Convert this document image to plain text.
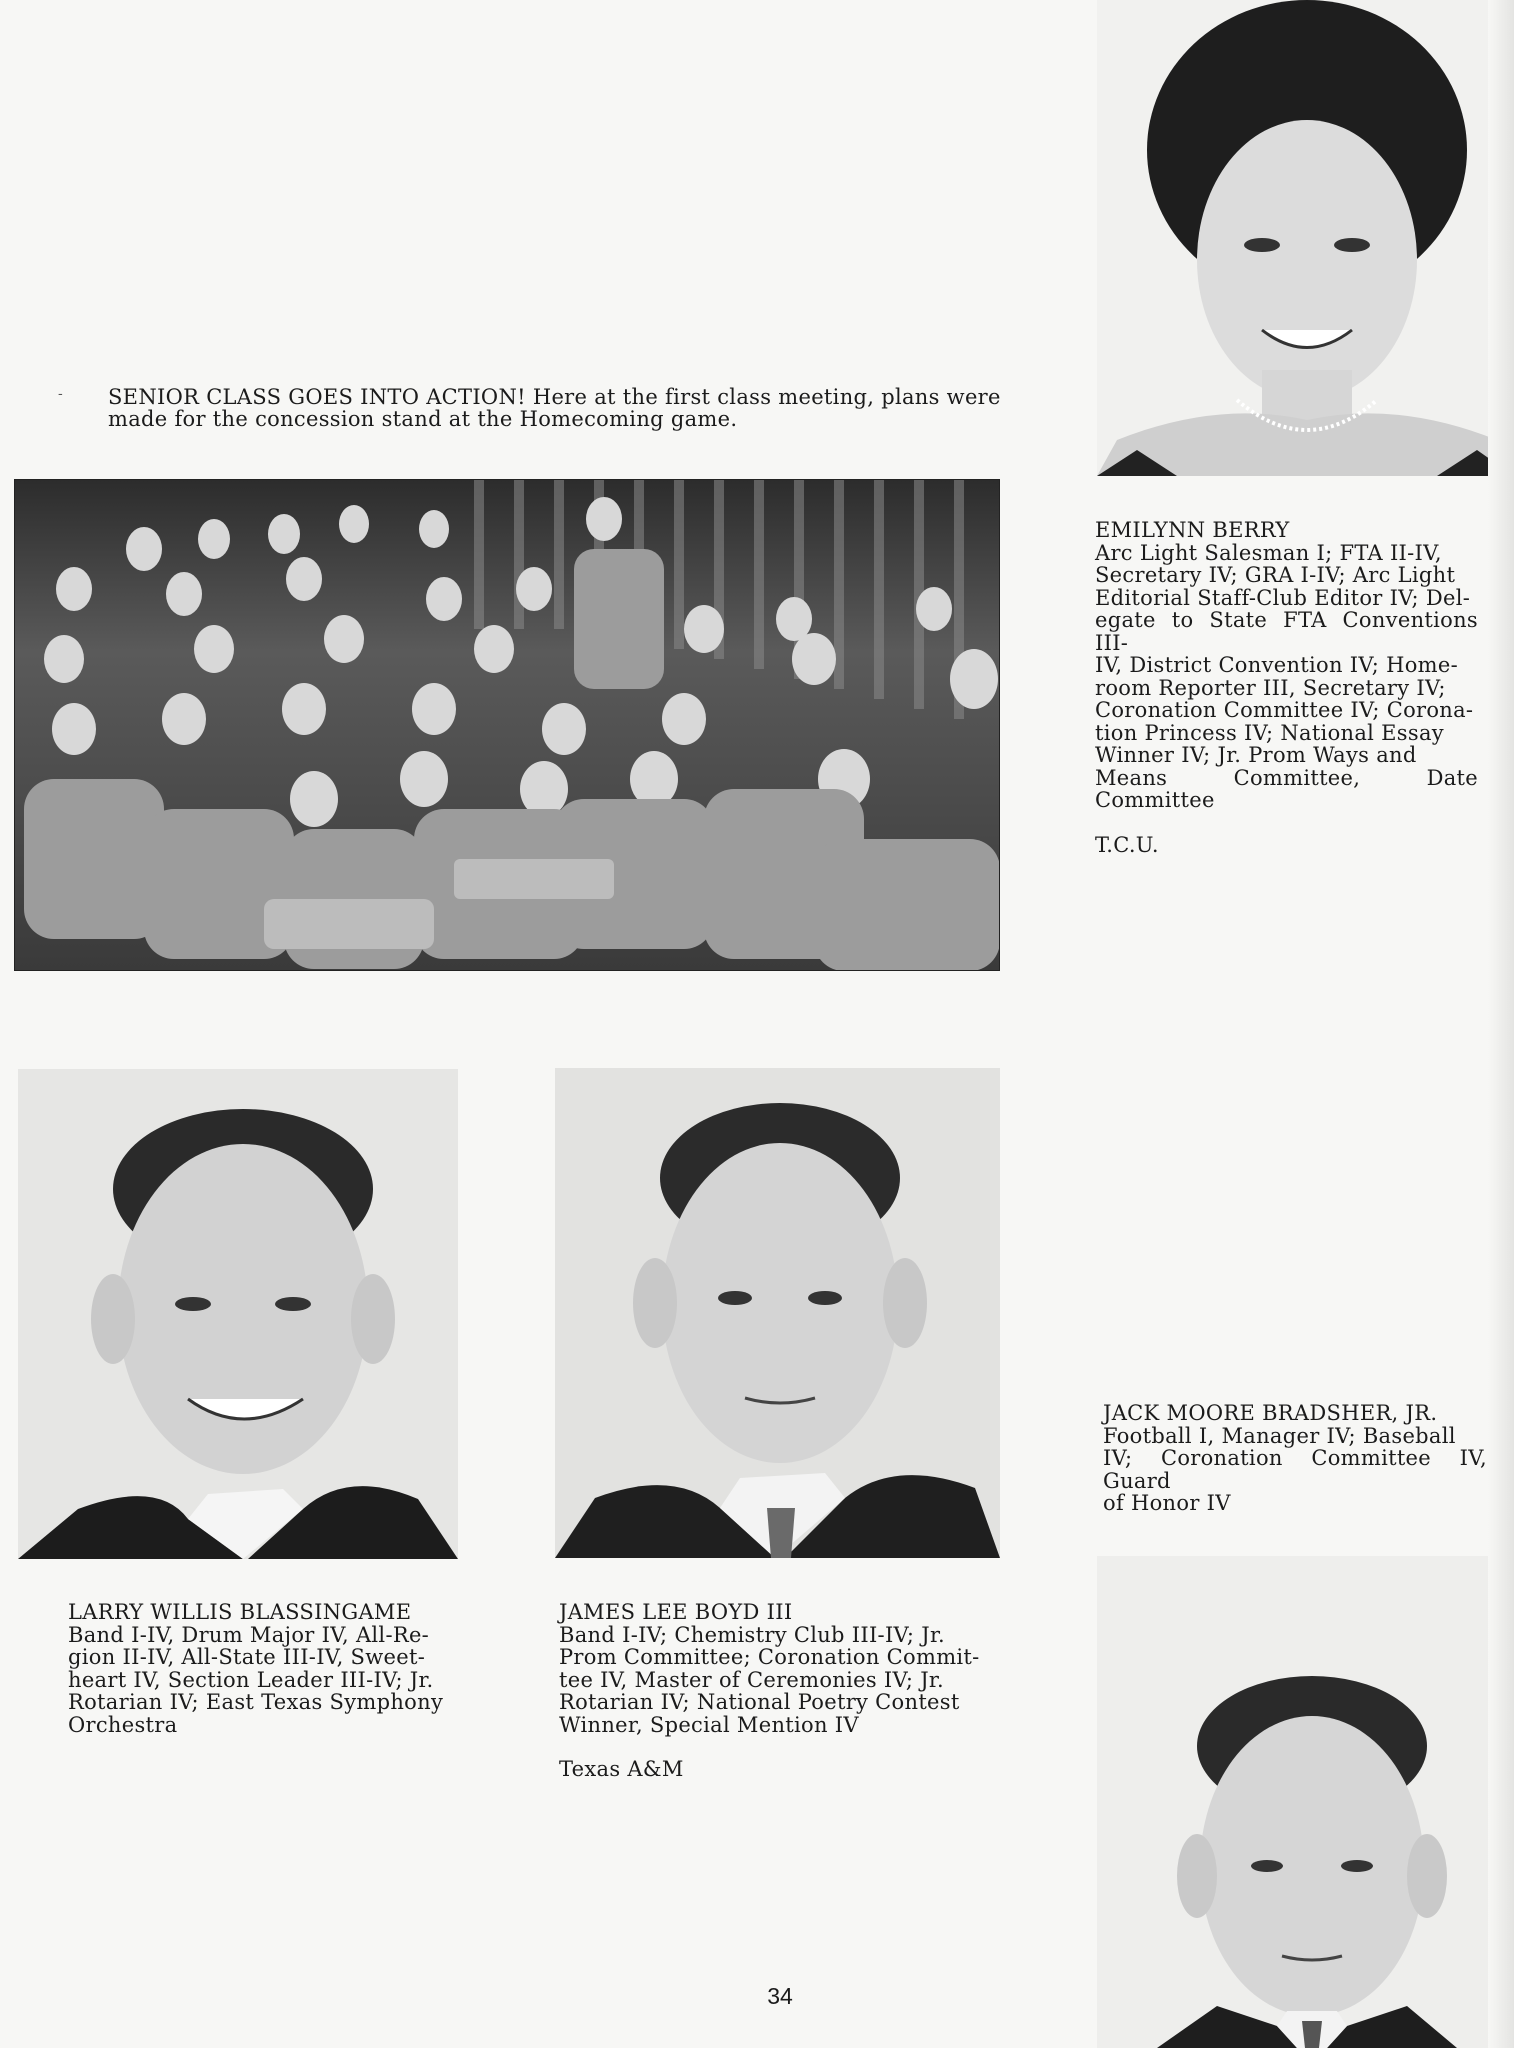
- SENIOR CLASS GOES INTO ACTION! Here at the first class meeting, plans were made for the concession stand at the Homecoming game.

EMILYNN BERRY

Arc Light Salesman I; FTA II-IV,

Secretary IV; GRA I-IV; Arc Light

Editorial Staff-Club Editor IV; Del-

egate to State FTA Conventions III-

IV, District Convention IV; Home-

room Reporter III, Secretary IV;

Coronation Committee IV; Corona-

tion Princess IV; National Essay

Winner IV; Jr. Prom Ways and

Means Committee, Date Committee

T.C.U.

JACK MOORE BRADSHER, JR.

Football I, Manager IV; Baseball

IV; Coronation Committee IV, Guard

of Honor IV

LARRY WILLIS BLASSINGAME

Band I-IV, Drum Major IV, All-Re-

gion II-IV, All-State III-IV, Sweet-

heart IV, Section Leader III-IV; Jr.

Rotarian IV; East Texas Symphony

Orchestra

JAMES LEE BOYD III

Band I-IV; Chemistry Club III-IV; Jr.

Prom Committee; Coronation Commit-

tee IV, Master of Ceremonies IV; Jr.

Rotarian IV; National Poetry Contest

Winner, Special Mention IV

Texas A&M

34
